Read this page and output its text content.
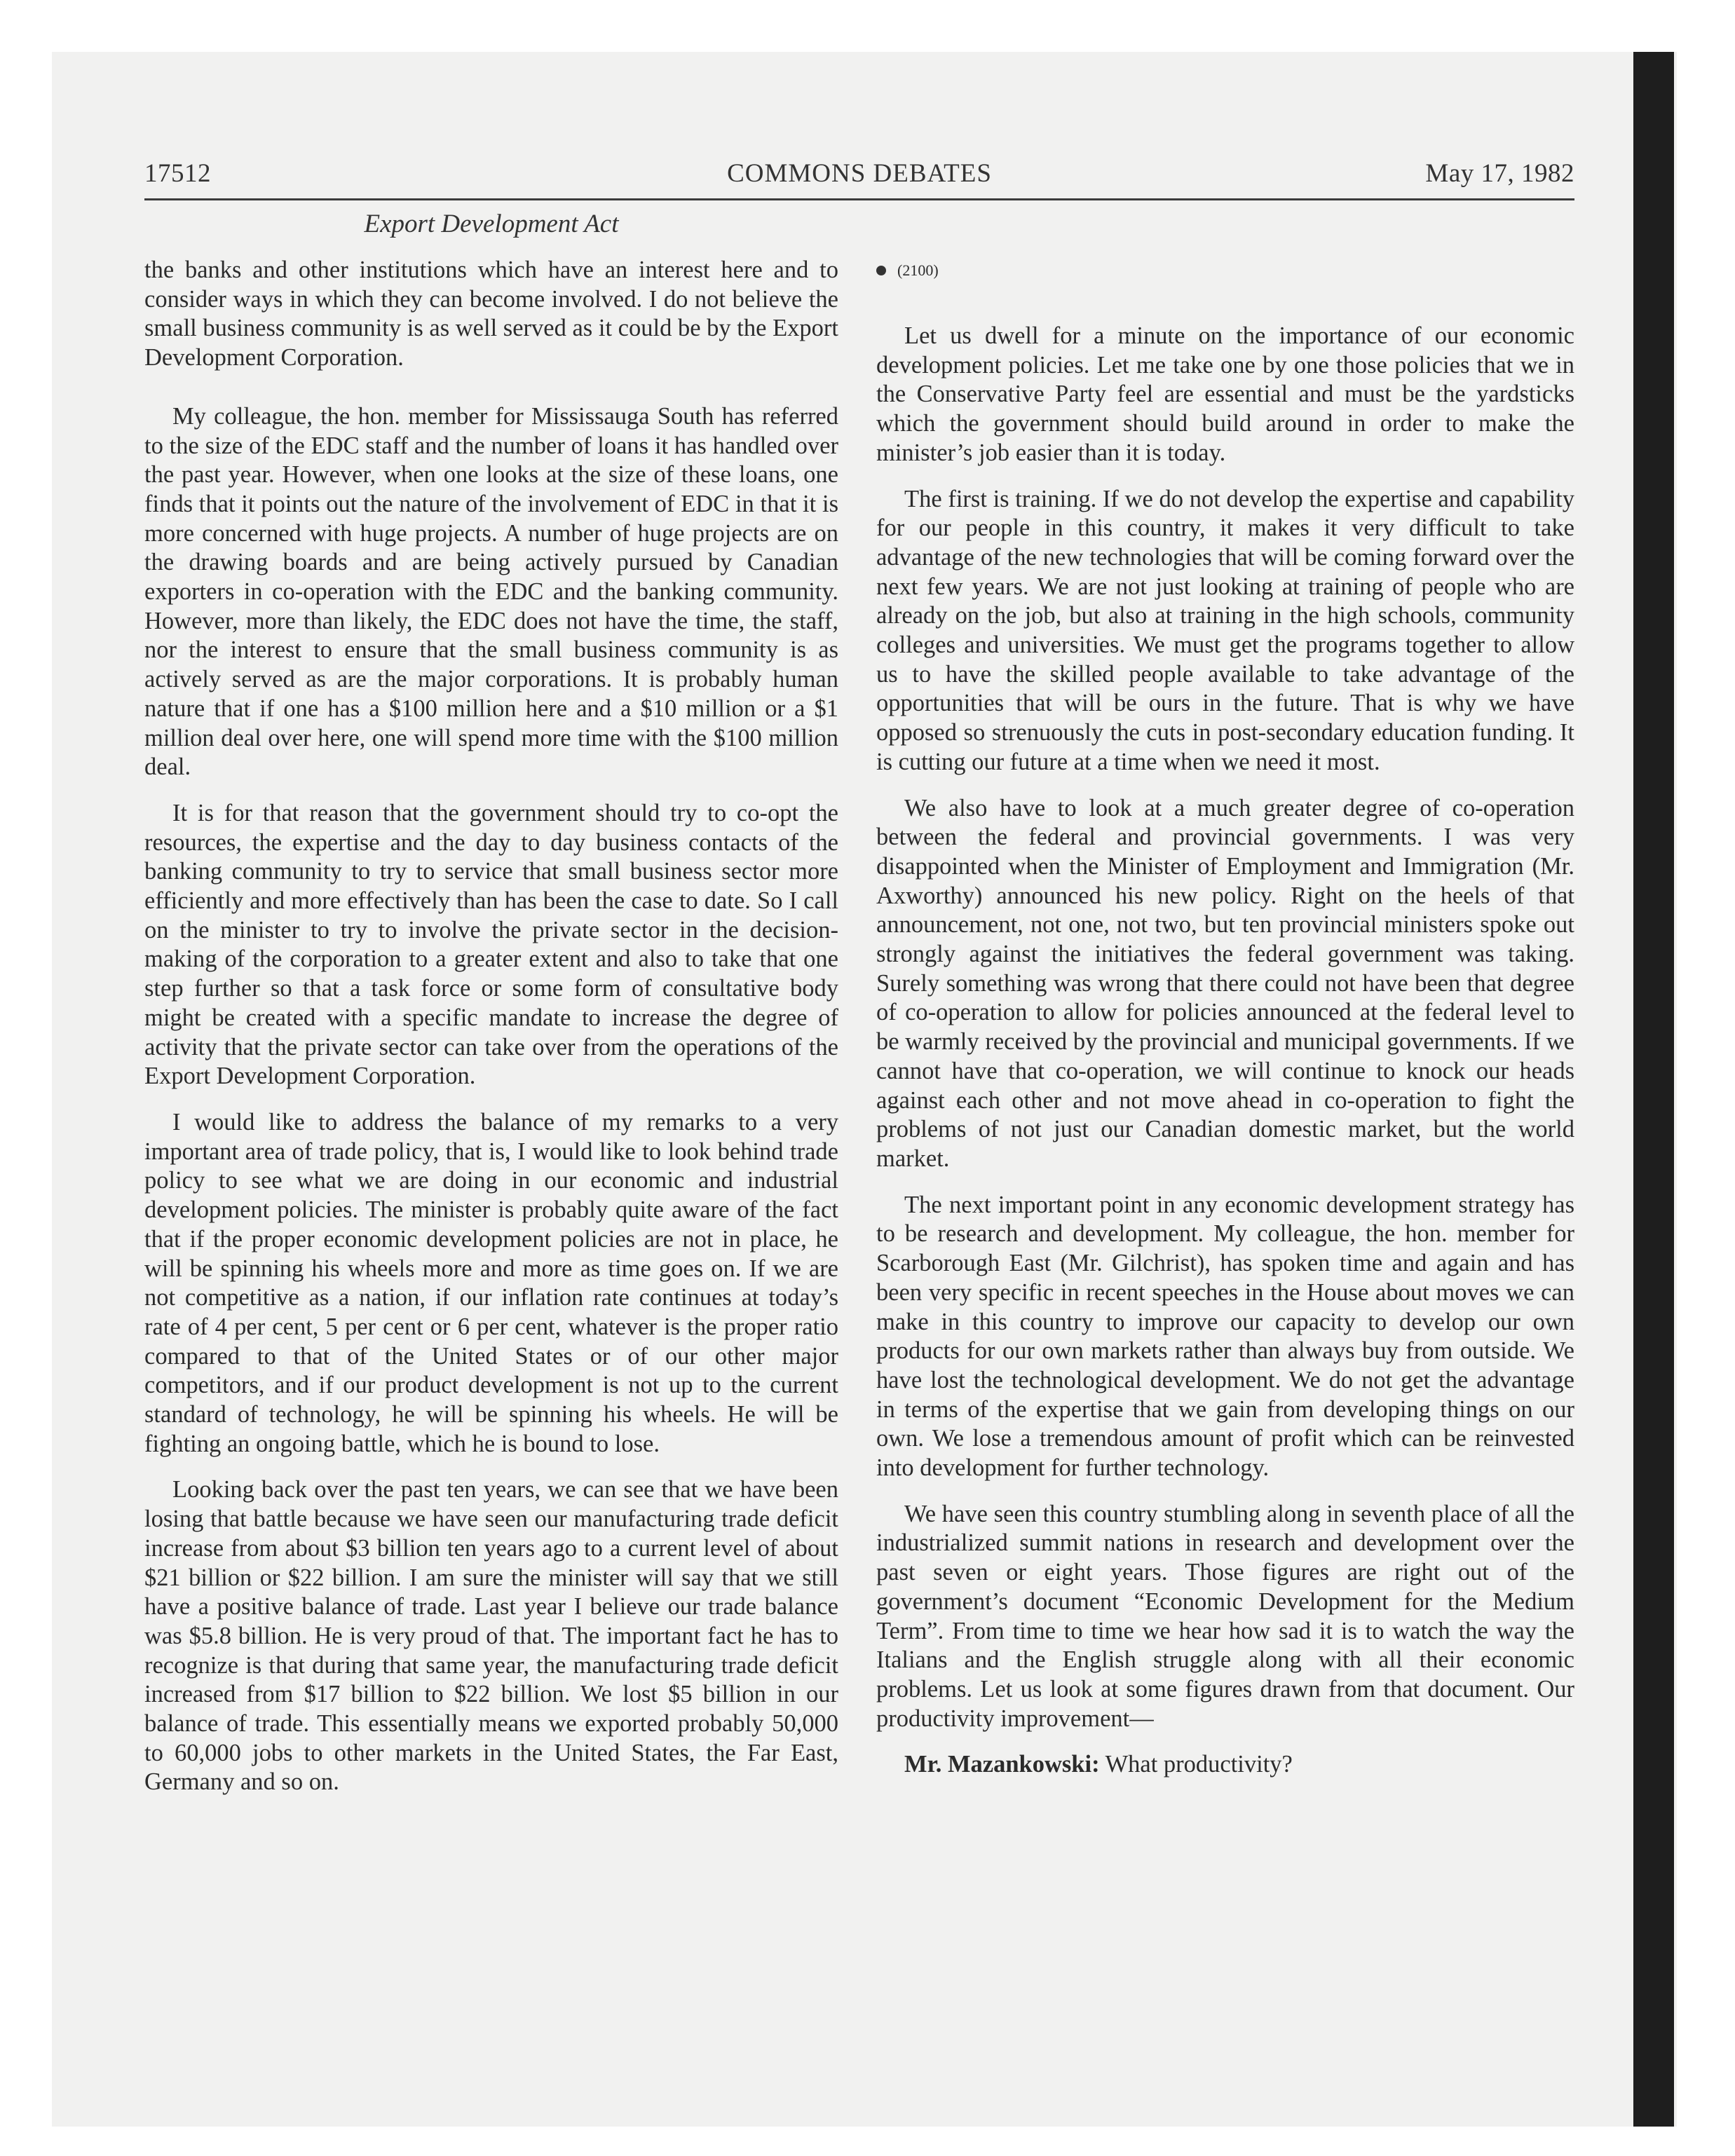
17512	COMMONS DEBATES	May 17, 1982
Export Development Act

the banks and other institutions which have an interest here and to consider ways in which they can become involved. I do not believe the small business community is as well served as it could be by the Export Development Corporation.

My colleague, the hon. member for Mississauga South has referred to the size of the EDC staff and the number of loans it has handled over the past year. However, when one looks at the size of these loans, one finds that it points out the nature of the involvement of EDC in that it is more concerned with huge projects. A number of huge projects are on the drawing boards and are being actively pursued by Canadian exporters in co-operation with the EDC and the banking community. However, more than likely, the EDC does not have the time, the staff, nor the interest to ensure that the small business community is as actively served as are the major corporations. It is probably human nature that if one has a $100 million here and a $10 million or a $1 million deal over here, one will spend more time with the $100 million deal.

It is for that reason that the government should try to co-opt the resources, the expertise and the day to day business contacts of the banking community to try to service that small business sector more efficiently and more effectively than has been the case to date. So I call on the minister to try to involve the private sector in the decision-making of the corporation to a greater extent and also to take that one step further so that a task force or some form of consultative body might be created with a specific mandate to increase the degree of activity that the private sector can take over from the operations of the Export Development Corporation.

I would like to address the balance of my remarks to a very important area of trade policy, that is, I would like to look behind trade policy to see what we are doing in our economic and industrial development policies. The minister is probably quite aware of the fact that if the proper economic development policies are not in place, he will be spinning his wheels more and more as time goes on. If we are not competitive as a nation, if our inflation rate continues at today’s rate of 4 per cent, 5 per cent or 6 per cent, whatever is the proper ratio compared to that of the United States or of our other major competitors, and if our product development is not up to the current standard of technology, he will be spinning his wheels. He will be fighting an ongoing battle, which he is bound to lose.

Looking back over the past ten years, we can see that we have been losing that battle because we have seen our manufacturing trade deficit increase from about $3 billion ten years ago to a current level of about $21 billion or $22 billion. I am sure the minister will say that we still have a positive balance of trade. Last year I believe our trade balance was $5.8 billion. He is very proud of that. The important fact he has to recognize is that during that same year, the manufacturing trade deficit increased from $17 billion to $22 billion. We lost $5 billion in our balance of trade. This essentially means we exported probably 50,000 to 60,000 jobs to other markets in the United States, the Far East, Germany and so on.

(2100)

Let us dwell for a minute on the importance of our economic development policies. Let me take one by one those policies that we in the Conservative Party feel are essential and must be the yardsticks which the government should build around in order to make the minister’s job easier than it is today.

The first is training. If we do not develop the expertise and capability for our people in this country, it makes it very difficult to take advantage of the new technologies that will be coming forward over the next few years. We are not just looking at training of people who are already on the job, but also at training in the high schools, community colleges and universities. We must get the programs together to allow us to have the skilled people available to take advantage of the opportunities that will be ours in the future. That is why we have opposed so strenuously the cuts in post-secondary education funding. It is cutting our future at a time when we need it most.

We also have to look at a much greater degree of co-operation between the federal and provincial governments. I was very disappointed when the Minister of Employment and Immigration (Mr. Axworthy) announced his new policy. Right on the heels of that announcement, not one, not two, but ten provincial ministers spoke out strongly against the initiatives the federal government was taking. Surely something was wrong that there could not have been that degree of co-operation to allow for policies announced at the federal level to be warmly received by the provincial and municipal governments. If we cannot have that co-operation, we will continue to knock our heads against each other and not move ahead in co-operation to fight the problems of not just our Canadian domestic market, but the world market.

The next important point in any economic development strategy has to be research and development. My colleague, the hon. member for Scarborough East (Mr. Gilchrist), has spoken time and again and has been very specific in recent speeches in the House about moves we can make in this country to improve our capacity to develop our own products for our own markets rather than always buy from outside. We have lost the technological development. We do not get the advantage in terms of the expertise that we gain from developing things on our own. We lose a tremendous amount of profit which can be reinvested into development for further technology.

We have seen this country stumbling along in seventh place of all the industrialized summit nations in research and development over the past seven or eight years. Those figures are right out of the government’s document “Economic Development for the Medium Term”. From time to time we hear how sad it is to watch the way the Italians and the English struggle along with all their economic problems. Let us look at some figures drawn from that document. Our productivity improvement—

Mr. Mazankowski: What productivity?
